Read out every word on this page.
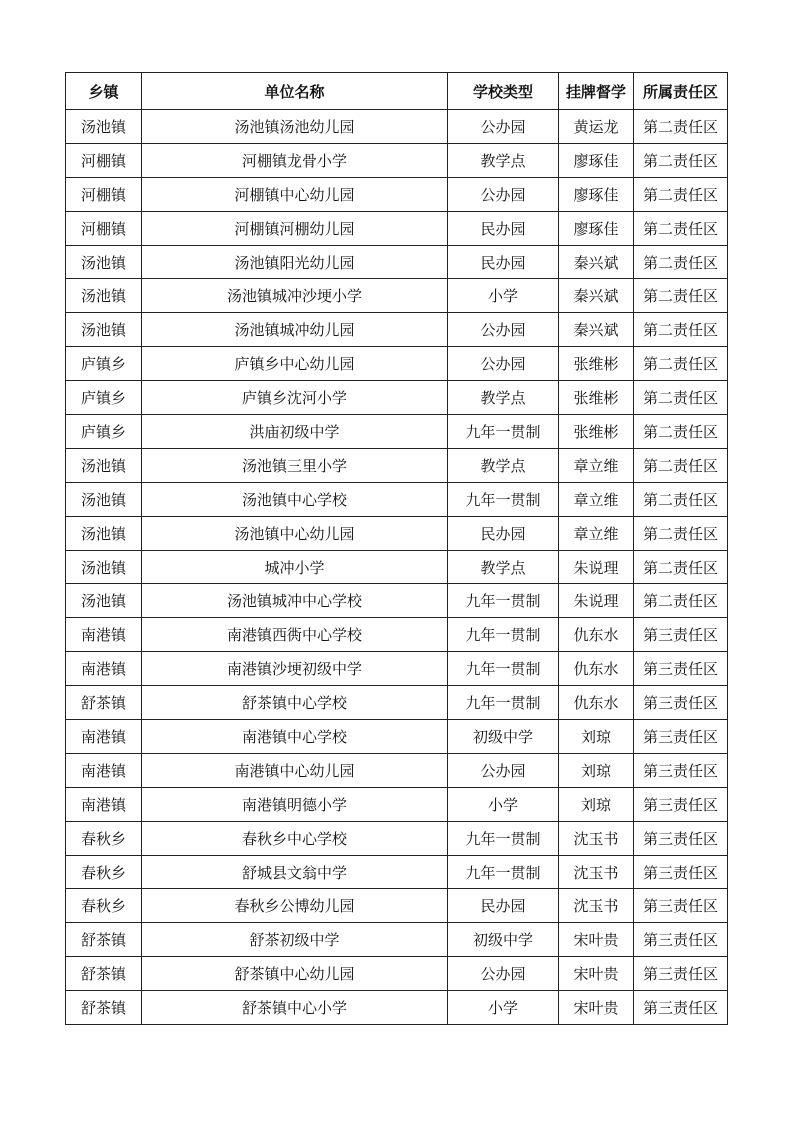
乡镇	单位名称	学校类型	挂牌督学	所属责任区
汤池镇	汤池镇汤池幼儿园	公办园	黄运龙	第二责任区
河棚镇	河棚镇龙骨小学	教学点	廖琢佳	第二责任区
河棚镇	河棚镇中心幼儿园	公办园	廖琢佳	第二责任区
河棚镇	河棚镇河棚幼儿园	民办园	廖琢佳	第二责任区
汤池镇	汤池镇阳光幼儿园	民办园	秦兴斌	第二责任区
汤池镇	汤池镇城冲沙埂小学	小学	秦兴斌	第二责任区
汤池镇	汤池镇城冲幼儿园	公办园	秦兴斌	第二责任区
庐镇乡	庐镇乡中心幼儿园	公办园	张维彬	第二责任区
庐镇乡	庐镇乡沈河小学	教学点	张维彬	第二责任区
庐镇乡	洪庙初级中学	九年一贯制	张维彬	第二责任区
汤池镇	汤池镇三里小学	教学点	章立维	第二责任区
汤池镇	汤池镇中心学校	九年一贯制	章立维	第二责任区
汤池镇	汤池镇中心幼儿园	民办园	章立维	第二责任区
汤池镇	城冲小学	教学点	朱说理	第二责任区
汤池镇	汤池镇城冲中心学校	九年一贯制	朱说理	第二责任区
南港镇	南港镇西衖中心学校	九年一贯制	仇东水	第三责任区
南港镇	南港镇沙埂初级中学	九年一贯制	仇东水	第三责任区
舒茶镇	舒茶镇中心学校	九年一贯制	仇东水	第三责任区
南港镇	南港镇中心学校	初级中学	刘琼	第三责任区
南港镇	南港镇中心幼儿园	公办园	刘琼	第三责任区
南港镇	南港镇明德小学	小学	刘琼	第三责任区
春秋乡	春秋乡中心学校	九年一贯制	沈玉书	第三责任区
春秋乡	舒城县文翁中学	九年一贯制	沈玉书	第三责任区
春秋乡	春秋乡公博幼儿园	民办园	沈玉书	第三责任区
舒茶镇	舒茶初级中学	初级中学	宋叶贵	第三责任区
舒茶镇	舒茶镇中心幼儿园	公办园	宋叶贵	第三责任区
舒茶镇	舒茶镇中心小学	小学	宋叶贵	第三责任区
